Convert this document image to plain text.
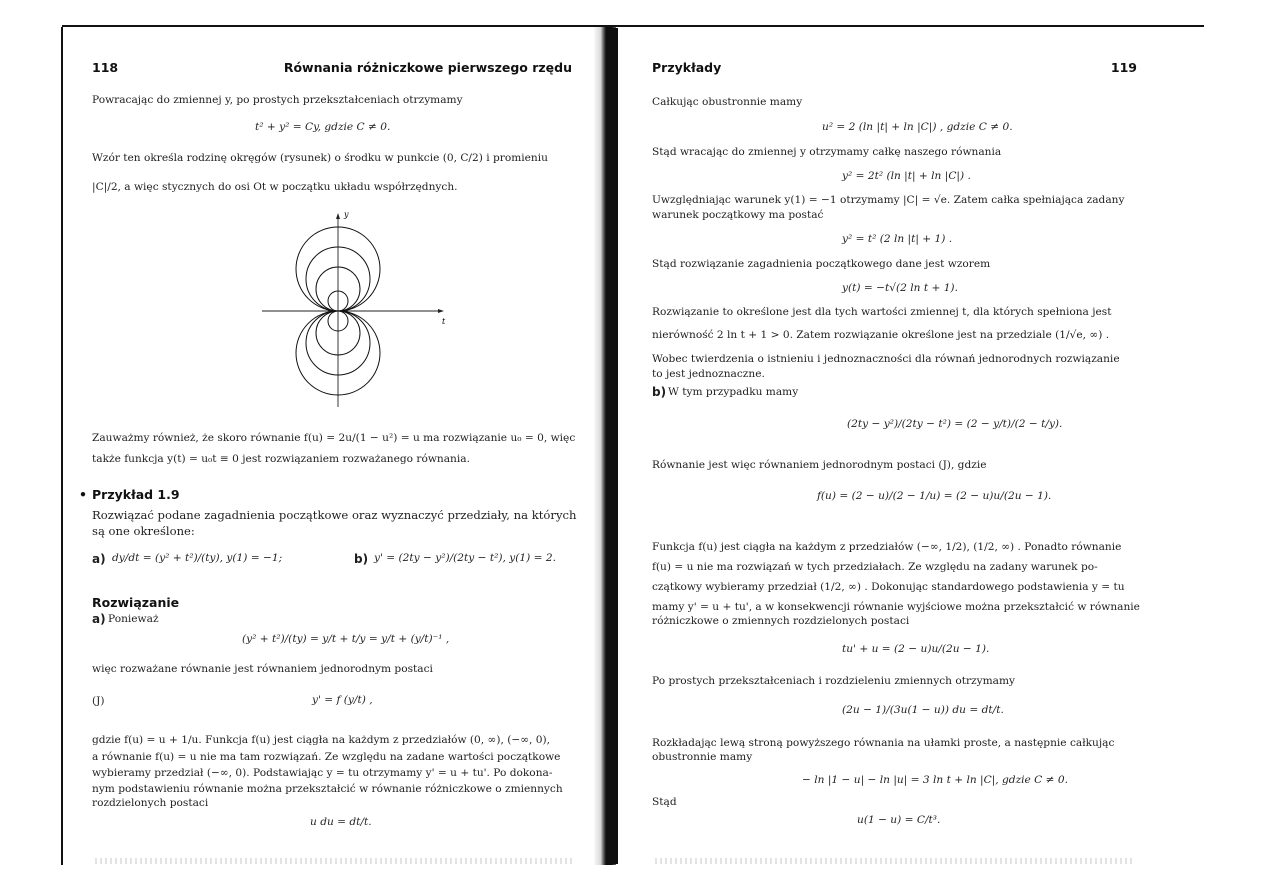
118	Równania różniczkowe pierwszego rzędu
Powracając do zmiennej y, po prostych przekształceniach otrzymamy
t² + y² = Cy, gdzie C ≠ 0.
Wzór ten określa rodzinę okręgów (rysunek) o środku w punkcie (0, C/2) i promieniu
|C|/2, a więc stycznych do osi Ot w początku układu współrzędnych.
y
t
Zauważmy również, że skoro równanie f(u) = 2u/(1 − u²) = u ma rozwiązanie u₀ = 0, więc
także funkcja y(t) = u₀t ≡ 0 jest rozwiązaniem rozważanego równania.
• Przykład 1.9
Rozwiązać podane zagadnienia początkowe oraz wyznaczyć przedziały, na których
są one określone:
a) dy/dt = (y² + t²)/(ty), y(1) = −1;	b) y' = (2ty − y²)/(2ty − t²), y(1) = 2.
Rozwiązanie
a) Ponieważ
(y² + t²)/(ty) = y/t + t/y = y/t + (y/t)⁻¹ ,
więc rozważane równanie jest równaniem jednorodnym postaci
(J)	y' = f (y/t) ,
gdzie f(u) = u + 1/u. Funkcja f(u) jest ciągła na każdym z przedziałów (0, ∞), (−∞, 0),
a równanie f(u) = u nie ma tam rozwiązań. Ze względu na zadane wartości początkowe
wybieramy przedział (−∞, 0). Podstawiając y = tu otrzymamy y' = u + tu'. Po dokona-
nym podstawieniu równanie można przekształcić w równanie różniczkowe o zmiennych
rozdzielonych postaci
u du = dt/t.
Przykłady	119
Całkując obustronnie mamy
u² = 2 (ln |t| + ln |C|) , gdzie C ≠ 0.
Stąd wracając do zmiennej y otrzymamy całkę naszego równania
y² = 2t² (ln |t| + ln |C|) .
Uwzględniając warunek y(1) = −1 otrzymamy |C| = √e. Zatem całka spełniająca zadany
warunek początkowy ma postać
y² = t² (2 ln |t| + 1) .
Stąd rozwiązanie zagadnienia początkowego dane jest wzorem
y(t) = −t√(2 ln t + 1).
Rozwiązanie to określone jest dla tych wartości zmiennej t, dla których spełniona jest
nierówność 2 ln t + 1 > 0. Zatem rozwiązanie określone jest na przedziale (1/√e, ∞) .
Wobec twierdzenia o istnieniu i jednoznaczności dla równań jednorodnych rozwiązanie
to jest jednoznaczne.
b) W tym przypadku mamy
(2ty − y²)/(2ty − t²) = (2 − y/t)/(2 − t/y).
Równanie jest więc równaniem jednorodnym postaci (J), gdzie
f(u) = (2 − u)/(2 − 1/u) = (2 − u)u/(2u − 1).
Funkcja f(u) jest ciągła na każdym z przedziałów (−∞, 1/2), (1/2, ∞) . Ponadto równanie
f(u) = u nie ma rozwiązań w tych przedziałach. Ze względu na zadany warunek po-
czątkowy wybieramy przedział (1/2, ∞) . Dokonując standardowego podstawienia y = tu
mamy y' = u + tu', a w konsekwencji równanie wyjściowe można przekształcić w równanie
różniczkowe o zmiennych rozdzielonych postaci
tu' + u = (2 − u)u/(2u − 1).
Po prostych przekształceniach i rozdzieleniu zmiennych otrzymamy
(2u − 1)/(3u(1 − u)) du = dt/t.
Rozkładając lewą stroną powyższego równania na ułamki proste, a następnie całkując
obustronnie mamy
− ln |1 − u| − ln |u| = 3 ln t + ln |C|, gdzie C ≠ 0.
Stąd
u(1 − u) = C/t³.
